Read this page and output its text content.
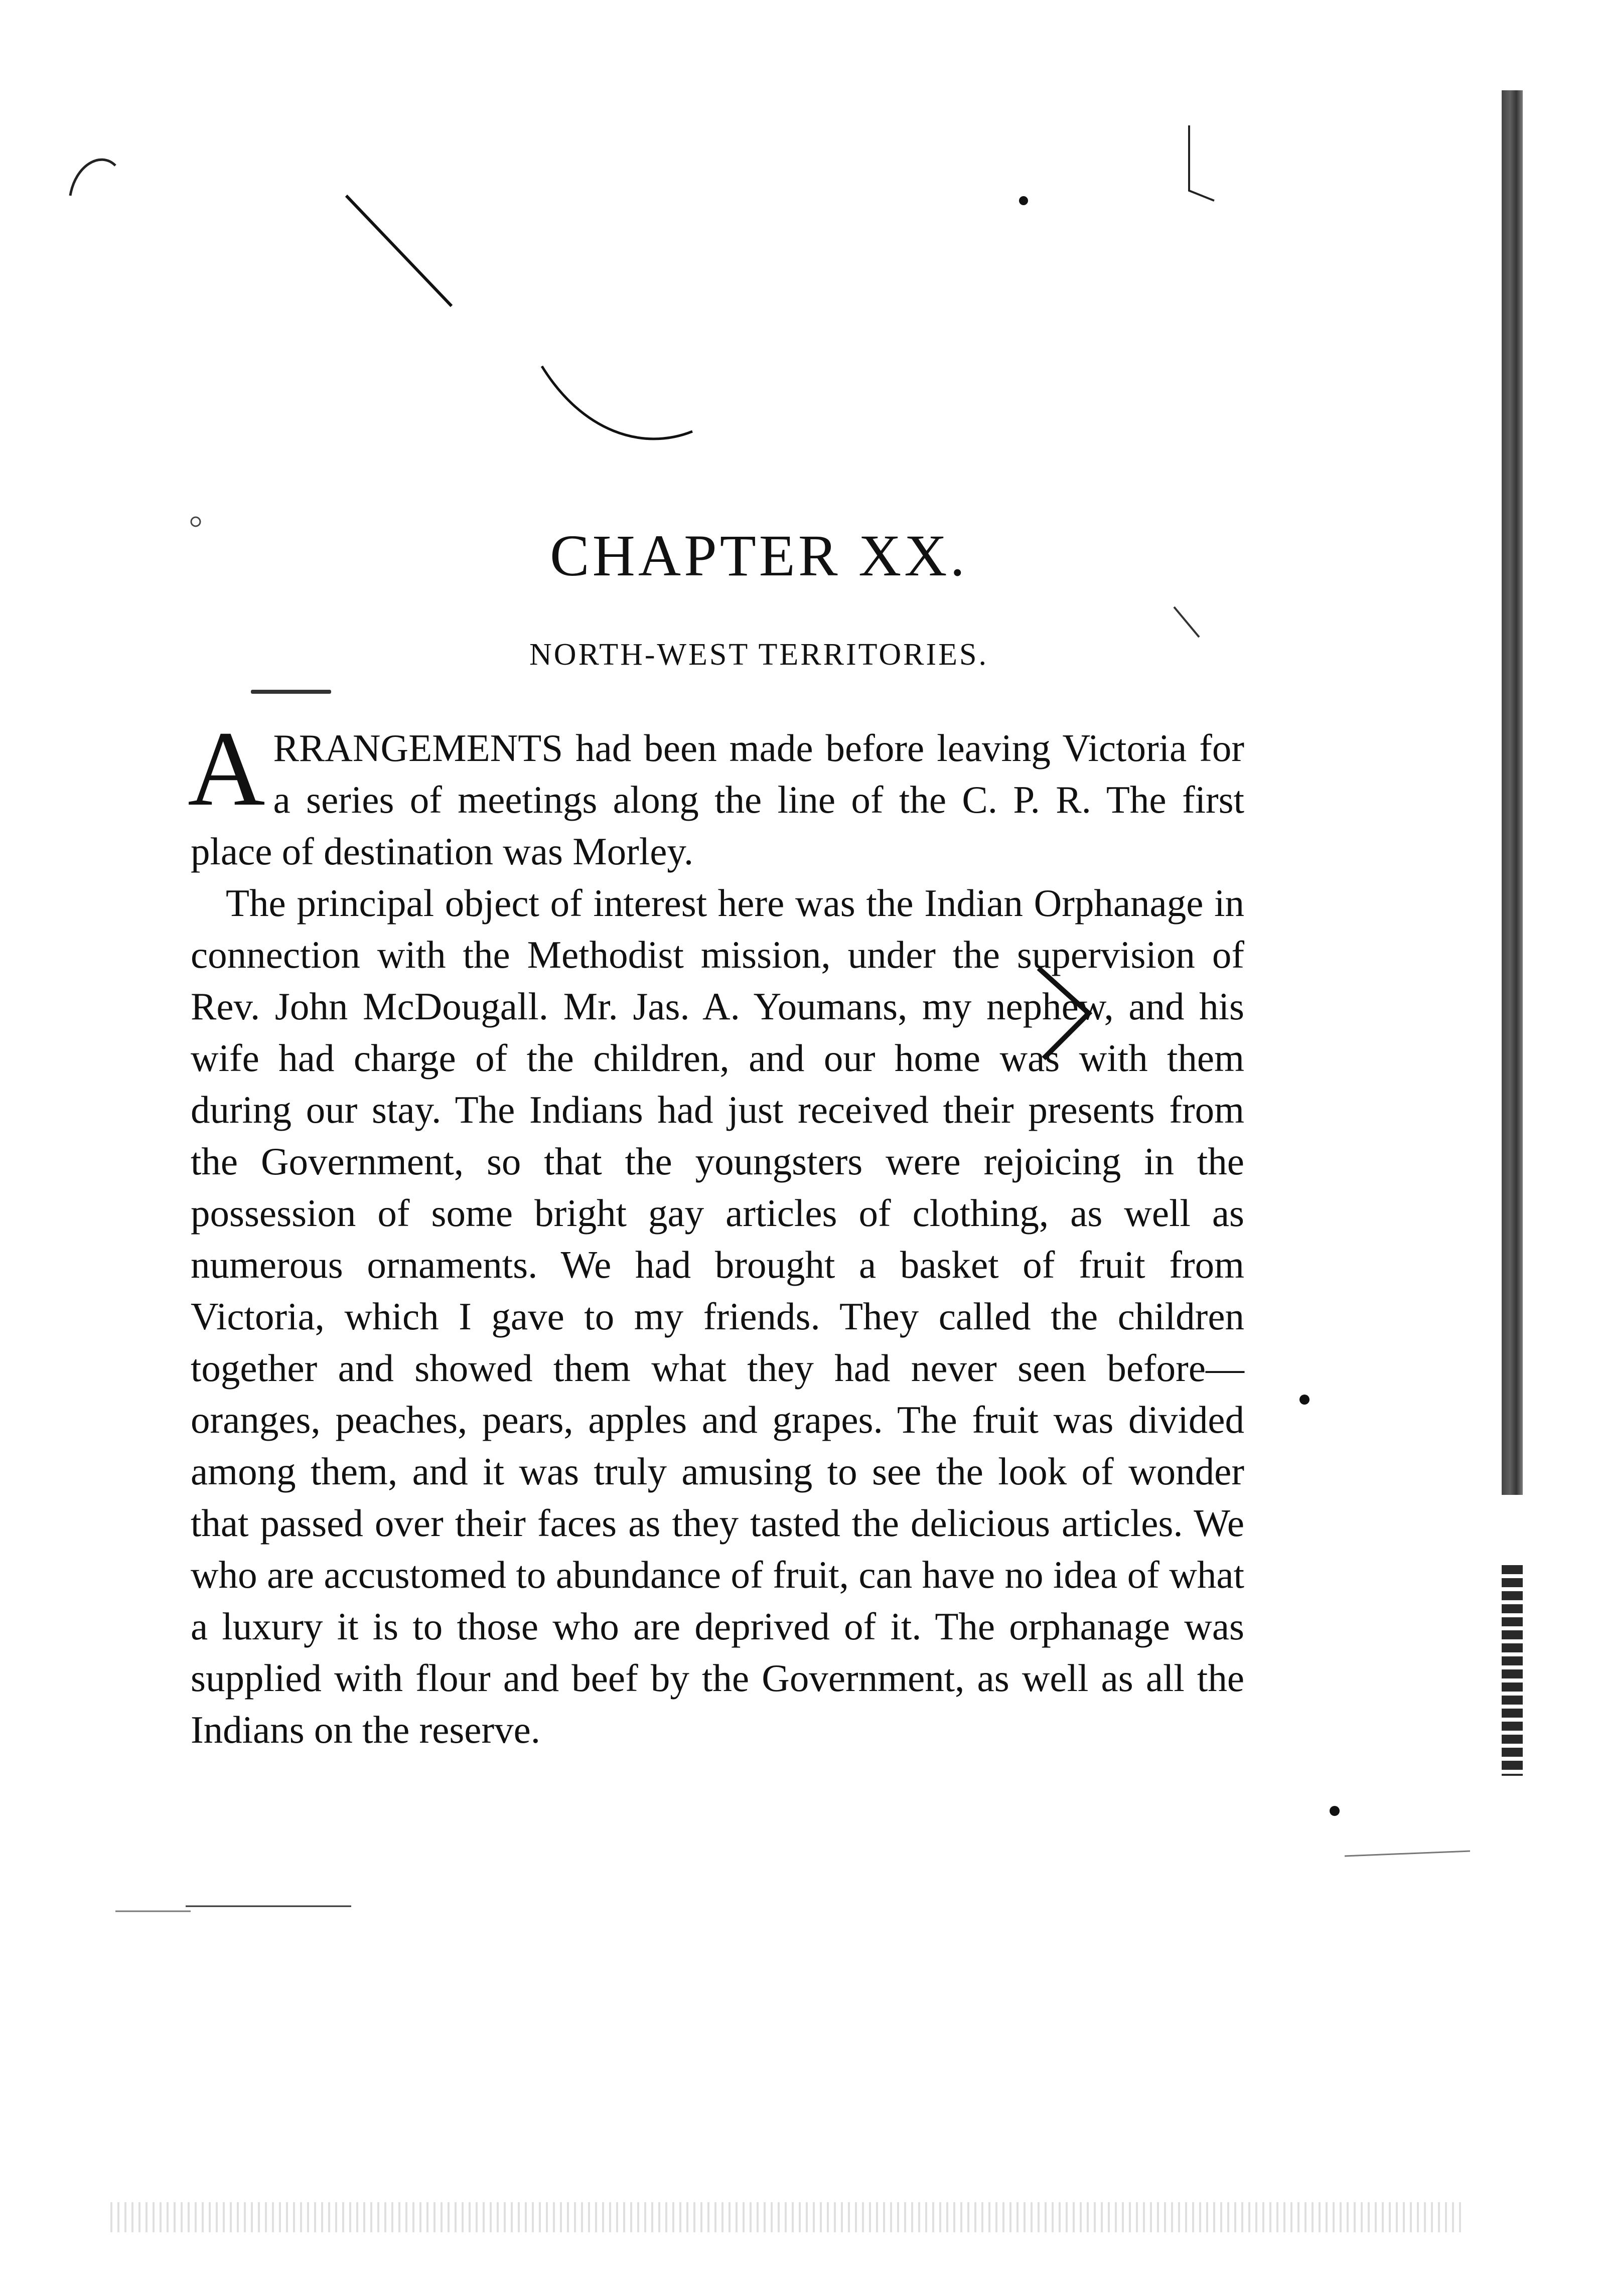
CHAPTER XX.
NORTH-WEST TERRITORIES.

ARRANGEMENTS had been made before leaving Victoria for a series of meetings along the line of the C. P. R. The first place of destination was Morley.

The principal object of interest here was the Indian Orphanage in connection with the Methodist mission, under the supervision of Rev. John McDougall. Mr. Jas. A. Youmans, my nephew, and his wife had charge of the children, and our home was with them during our stay. The Indians had just received their presents from the Government, so that the youngsters were rejoicing in the possession of some bright gay articles of clothing, as well as numerous ornaments. We had brought a basket of fruit from Victoria, which I gave to my friends. They called the children together and showed them what they had never seen before—oranges, peaches, pears, apples and grapes. The fruit was divided among them, and it was truly amusing to see the look of wonder that passed over their faces as they tasted the delicious articles. We who are accustomed to abundance of fruit, can have no idea of what a luxury it is to those who are deprived of it. The orphanage was supplied with flour and beef by the Government, as well as all the Indians on the reserve.
